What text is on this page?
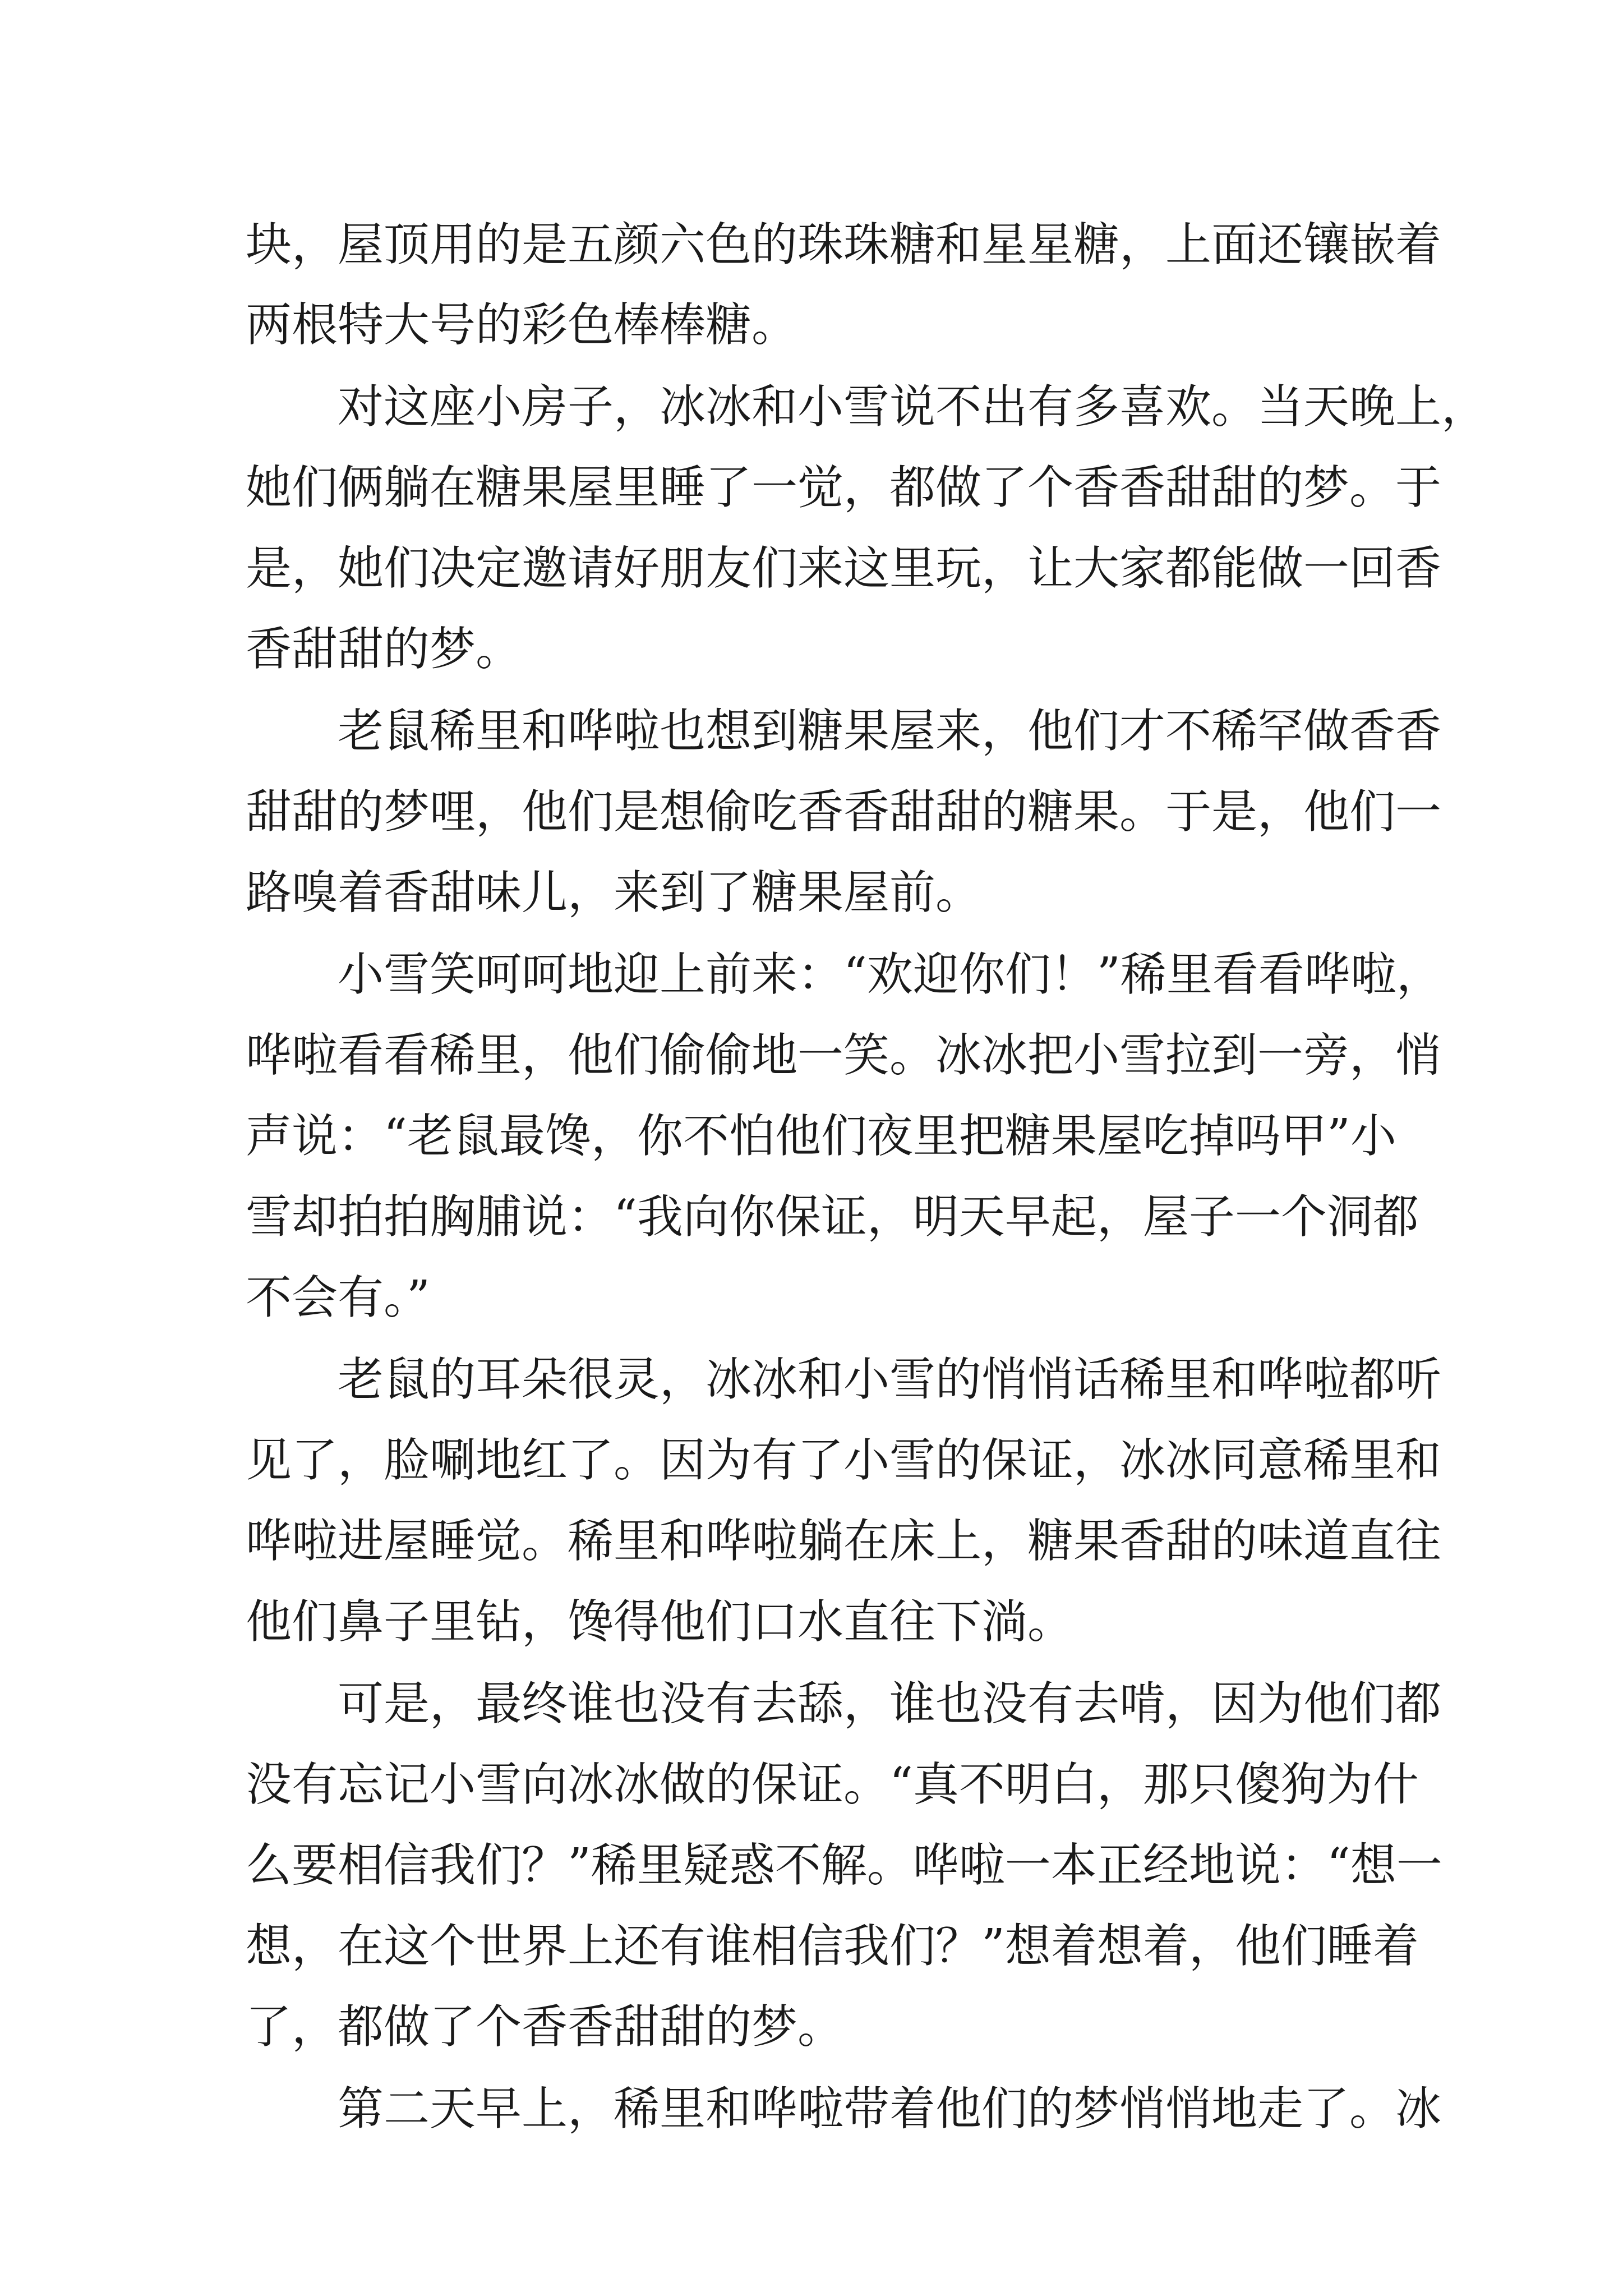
块，屋顶用的是五颜六色的珠珠糖和星星糖，上面还镶嵌着
两根特大号的彩色棒棒糖。
对这座小房子，冰冰和小雪说不出有多喜欢。当天晚上，
她们俩躺在糖果屋里睡了一觉，都做了个香香甜甜的梦。于
是，她们决定邀请好朋友们来这里玩，让大家都能做一回香
香甜甜的梦。
老鼠稀里和哗啦也想到糖果屋来，他们才不稀罕做香香
甜甜的梦哩，他们是想偷吃香香甜甜的糖果。于是，他们一
路嗅着香甜味儿，来到了糖果屋前。
小雪笑呵呵地迎上前来：“欢迎你们！”稀里看看哗啦，
哗啦看看稀里，他们偷偷地一笑。冰冰把小雪拉到一旁，悄
声说：“老鼠最馋，你不怕他们夜里把糖果屋吃掉吗甲”小
雪却拍拍胸脯说：“我向你保证，明天早起，屋子一个洞都
不会有。”
老鼠的耳朵很灵，冰冰和小雪的悄悄话稀里和哗啦都听
见了，脸唰地红了。因为有了小雪的保证，冰冰同意稀里和
哗啦进屋睡觉。稀里和哗啦躺在床上，糖果香甜的味道直往
他们鼻子里钻，馋得他们口水直往下淌。
可是，最终谁也没有去舔，谁也没有去啃，因为他们都
没有忘记小雪向冰冰做的保证。“真不明白，那只傻狗为什
么要相信我们？”稀里疑惑不解。哗啦一本正经地说：“想一
想，在这个世界上还有谁相信我们？”想着想着，他们睡着
了，都做了个香香甜甜的梦。
第二天早上，稀里和哗啦带着他们的梦悄悄地走了。冰
